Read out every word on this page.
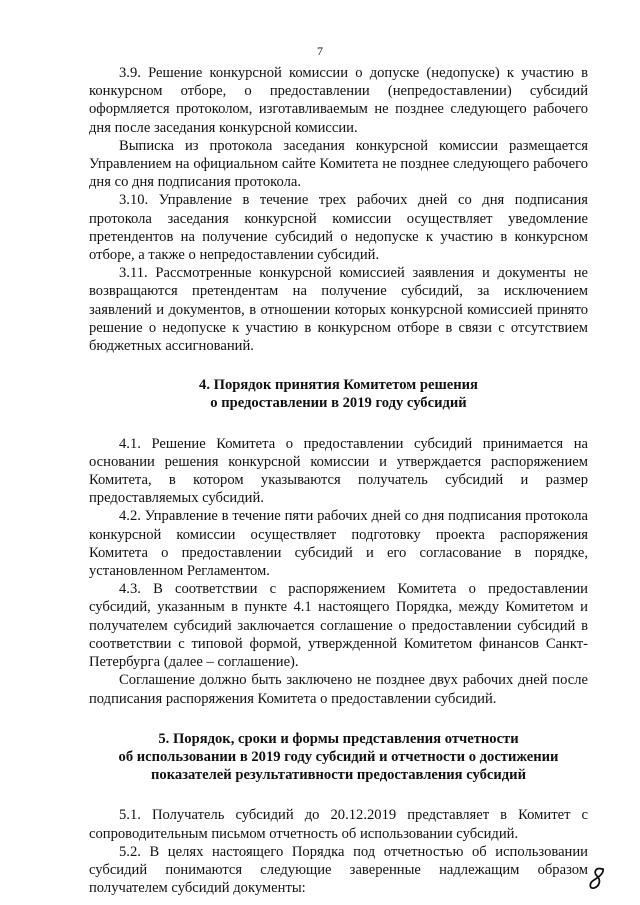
7

3.9. Решение конкурсной комиссии о допуске (недопуске) к участию в конкурсном отборе, о предоставлении (непредоставлении) субсидий оформляется протоколом, изготавливаемым не позднее следующего рабочего дня после заседания конкурсной комиссии.

Выписка из протокола заседания конкурсной комиссии размещается Управлением на официальном сайте Комитета не позднее следующего рабочего дня со дня подписания протокола.

3.10. Управление в течение трех рабочих дней со дня подписания протокола заседания конкурсной комиссии осуществляет уведомление претендентов на получение субсидий о недопуске к участию в конкурсном отборе, а также о непредоставлении субсидий.

3.11. Рассмотренные конкурсной комиссией заявления и документы не возвращаются претендентам на получение субсидий, за исключением заявлений и документов, в отношении которых конкурсной комиссией принято решение о недопуске к участию в конкурсном отборе в связи с отсутствием бюджетных ассигнований.

4. Порядок принятия Комитетом решения

о предоставлении в 2019 году субсидий

4.1. Решение Комитета о предоставлении субсидий принимается на основании решения конкурсной комиссии и утверждается распоряжением Комитета, в котором указываются получатель субсидий и размер предоставляемых субсидий.

4.2. Управление в течение пяти рабочих дней со дня подписания протокола конкурсной комиссии осуществляет подготовку проекта распоряжения Комитета о предоставлении субсидий и его согласование в порядке, установленном Регламентом.

4.3. В соответствии с распоряжением Комитета о предоставлении субсидий, указанным в пункте 4.1 настоящего Порядка, между Комитетом и получателем субсидий заключается соглашение о предоставлении субсидий в соответствии с типовой формой, утвержденной Комитетом финансов Санкт-Петербурга (далее – соглашение).

Соглашение должно быть заключено не позднее двух рабочих дней после подписания распоряжения Комитета о предоставлении субсидий.

5. Порядок, сроки и формы представления отчетности

об использовании в 2019 году субсидий и отчетности о достижении

показателей результативности предоставления субсидий

5.1. Получатель субсидий до 20.12.2019 представляет в Комитет с сопроводительным письмом отчетность об использовании субсидий.

5.2. В целях настоящего Порядка под отчетностью об использовании субсидий понимаются следующие заверенные надлежащим образом получателем субсидий документы:
